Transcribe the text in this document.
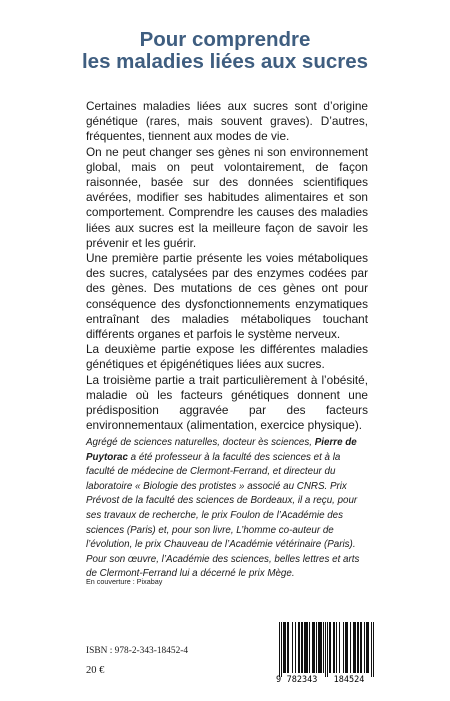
Pour comprendre
les maladies liées aux sucres

Certaines maladies liées aux sucres sont d’origine génétique (rares, mais souvent graves). D’autres, fréquentes, tiennent aux modes de vie.

On ne peut changer ses gènes ni son environnement global, mais on peut volontairement, de façon raisonnée, basée sur des données scientifiques avérées, modifier ses habitudes alimentaires et son comportement. Comprendre les causes des maladies liées aux sucres est la meilleure façon de savoir les prévenir et les guérir.

Une première partie présente les voies métaboliques des sucres, catalysées par des enzymes codées par des gènes. Des mutations de ces gènes ont pour conséquence des dysfonctionnements enzymatiques entraînant des maladies métaboliques touchant différents organes et parfois le système nerveux.

La deuxième partie expose les différentes maladies génétiques et épigénétiques liées aux sucres.

La troisième partie a trait particulièrement à l’obésité, maladie où les facteurs génétiques donnent une prédisposition aggravée par des facteurs environnementaux (alimentation, exercice physique).

Agrégé de sciences naturelles, docteur ès sciences, Pierre de Puytorac a été professeur à la faculté des sciences et à la faculté de médecine de Clermont-Ferrand, et directeur du laboratoire « Biologie des protistes » associé au CNRS. Prix Prévost de la faculté des sciences de Bordeaux, il a reçu, pour ses travaux de recherche, le prix Foulon de l’Académie des sciences (Paris) et, pour son livre, L’homme co-auteur de l’évolution, le prix Chauveau de l’Académie vétérinaire (Paris). Pour son œuvre, l’Académie des sciences, belles lettres et arts de Clermont-Ferrand lui a décerné le prix Mège.
En couverture : Pixabay
ISBN : 978-2-343-18452-4
20 €
9 782343 184524
